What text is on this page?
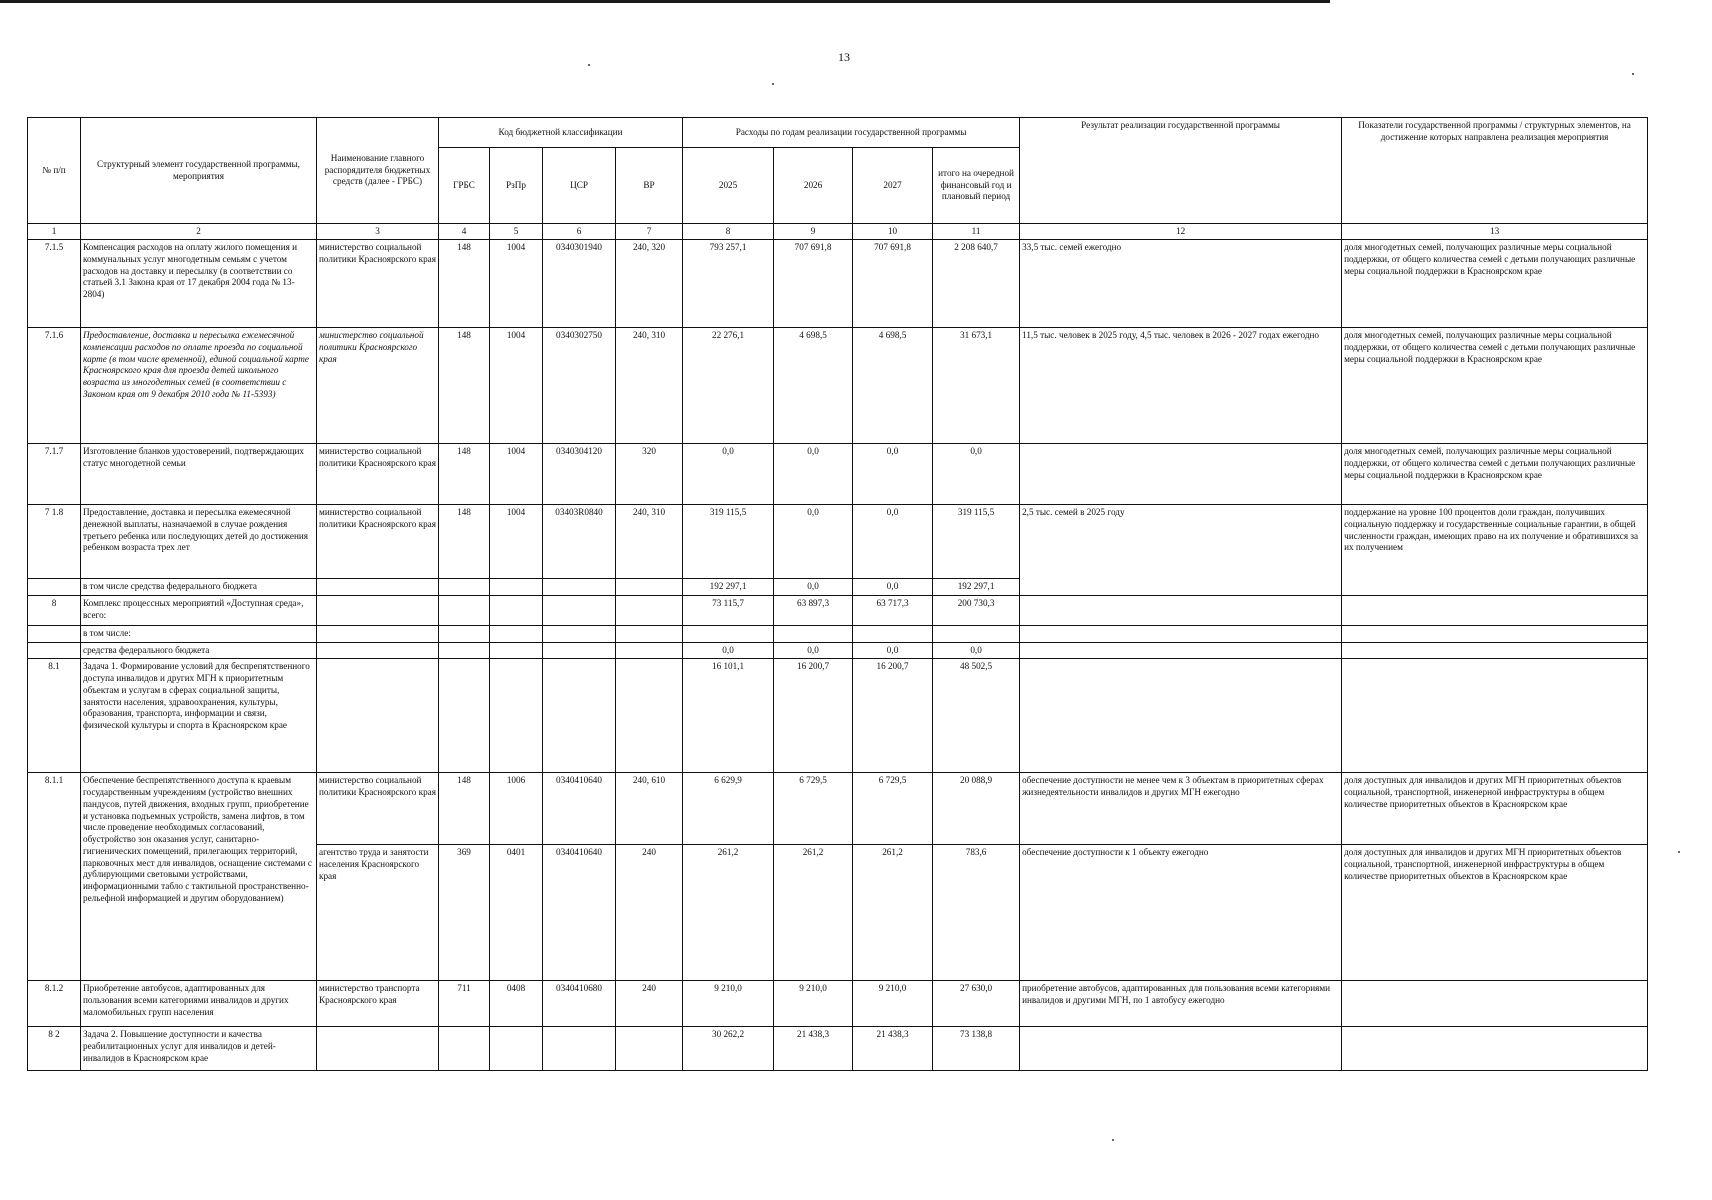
13
№ п/п	Структурный элемент государственной программы, мероприятия	Наименование главного распорядителя бюджетных средств (далее - ГРБС)	Код бюджетной классификации				Расходы по годам реализации государственной программы				Результат реализации государственной программы	Показатели государственной программы / структурных элементов, на достижение которых направлена реализация мероприятия
			ГРБС	РзПр	ЦСР	ВР	2025	2026	2027	итого на очередной финансовый год и плановый период		
1	2	3	4	5	6	7	8	9	10	11	12	13
7.1.5	Компенсация расходов на оплату жилого помещения и коммунальных услуг многодетным семьям с учетом расходов на доставку и пересылку (в соответствии со статьей 3.1 Закона края от 17 декабря 2004 года № 13-2804)	министерство социальной политики Красноярского края	148	1004	0340301940	240, 320	793 257,1	707 691,8	707 691,8	2 208 640,7	33,5 тыс. семей ежегодно	доля многодетных семей, получающих различные меры социальной поддержки, от общего количества семей с детьми получающих различные меры социальной поддержки в Красноярском крае
7.1.6	Предоставление, доставка и пересылка ежемесячной компенсации расходов по оплате проезда по социальной карте (в том числе временной), единой социальной карте Красноярского края для проезда детей школьного возраста из многодетных семей (в соответствии с Законом края от 9 декабря 2010 года № 11-5393)	министерство социальной политики Красноярского края	148	1004	0340302750	240, 310	22 276,1	4 698,5	4 698,5	31 673,1	11,5 тыс. человек в 2025 году, 4,5 тыс. человек в 2026 - 2027 годах ежегодно	доля многодетных семей, получающих различные меры социальной поддержки, от общего количества семей с детьми получающих различные меры социальной поддержки в Красноярском крае
7.1.7	Изготовление бланков удостоверений, подтверждающих статус многодетной семьи	министерство социальной политики Красноярского края	148	1004	0340304120	320	0,0	0,0	0,0	0,0		доля многодетных семей, получающих различные меры социальной поддержки, от общего количества семей с детьми получающих различные меры социальной поддержки в Красноярском крае
7 1.8	Предоставление, доставка и пересылка ежемесячной денежной выплаты, назначаемой в случае рождения третьего ребенка или последующих детей до достижения ребенком возраста трех лет	министерство социальной политики Красноярского края	148	1004	03403R0840	240, 310	319 115,5	0,0	0,0	319 115,5	2,5 тыс. семей в 2025 году	поддержание на уровне 100 процентов доли граждан, получивших социальную поддержку и государственные социальные гарантии, в общей численности граждан, имеющих право на их получение и обратившихся за их получением
	в том числе средства федерального бюджета						192 297,1	0,0	0,0	192 297,1		
8	Комплекс процессных мероприятий «Доступная среда», всего:						73 115,7	63 897,3	63 717,3	200 730,3		
	в том числе:											
	средства федерального бюджета						0,0	0,0	0,0	0,0		
8.1	Задача 1. Формирование условий для беспрепятственного доступа инвалидов и других МГН к приоритетным объектам и услугам в сферах социальной защиты, занятости населения, здравоохранения, культуры, образования, транспорта, информации и связи, физической культуры и спорта в Красноярском крае						16 101,1	16 200,7	16 200,7	48 502,5		
8.1.1	Обеспечение беспрепятственного доступа к краевым государственным учреждениям (устройство внешних пандусов, путей движения, входных групп, приобретение и установка подъемных устройств, замена лифтов, в том числе проведение необходимых согласований, обустройство зон оказания услуг, санитарно-гигиенических помещений, прилегающих территорий, парковочных мест для инвалидов, оснащение системами с дублирующими световыми устройствами, информационными табло с тактильной пространственно-рельефной информацией и другим оборудованием)	министерство социальной политики Красноярского края	148	1006	0340410640	240, 610	6 629,9	6 729,5	6 729,5	20 088,9	обеспечение доступности не менее чем к 3 объектам в приоритетных сферах жизнедеятельности инвалидов и других МГН ежегодно	доля доступных для инвалидов и других МГН приоритетных объектов социальной, транспортной, инженерной инфраструктуры в общем количестве приоритетных объектов в Красноярском крае
		агентство труда и занятости населения Красноярского края	369	0401	0340410640	240	261,2	261,2	261,2	783,6	обеспечение доступности к 1 объекту ежегодно	доля доступных для инвалидов и других МГН приоритетных объектов социальной, транспортной, инженерной инфраструктуры в общем количестве приоритетных объектов в Красноярском крае
8.1.2	Приобретение автобусов, адаптированных для пользования всеми категориями инвалидов и других маломобильных групп населения	министерство транспорта Красноярского края	711	0408	0340410680	240	9 210,0	9 210,0	9 210,0	27 630,0	приобретение автобусов, адаптированных для пользования всеми категориями инвалидов и другими МГН, по 1 автобусу ежегодно	
8 2	Задача 2. Повышение доступности и качества реабилитационных услуг для инвалидов и детей-инвалидов в Красноярском крае						30 262,2	21 438,3	21 438,3	73 138,8		
